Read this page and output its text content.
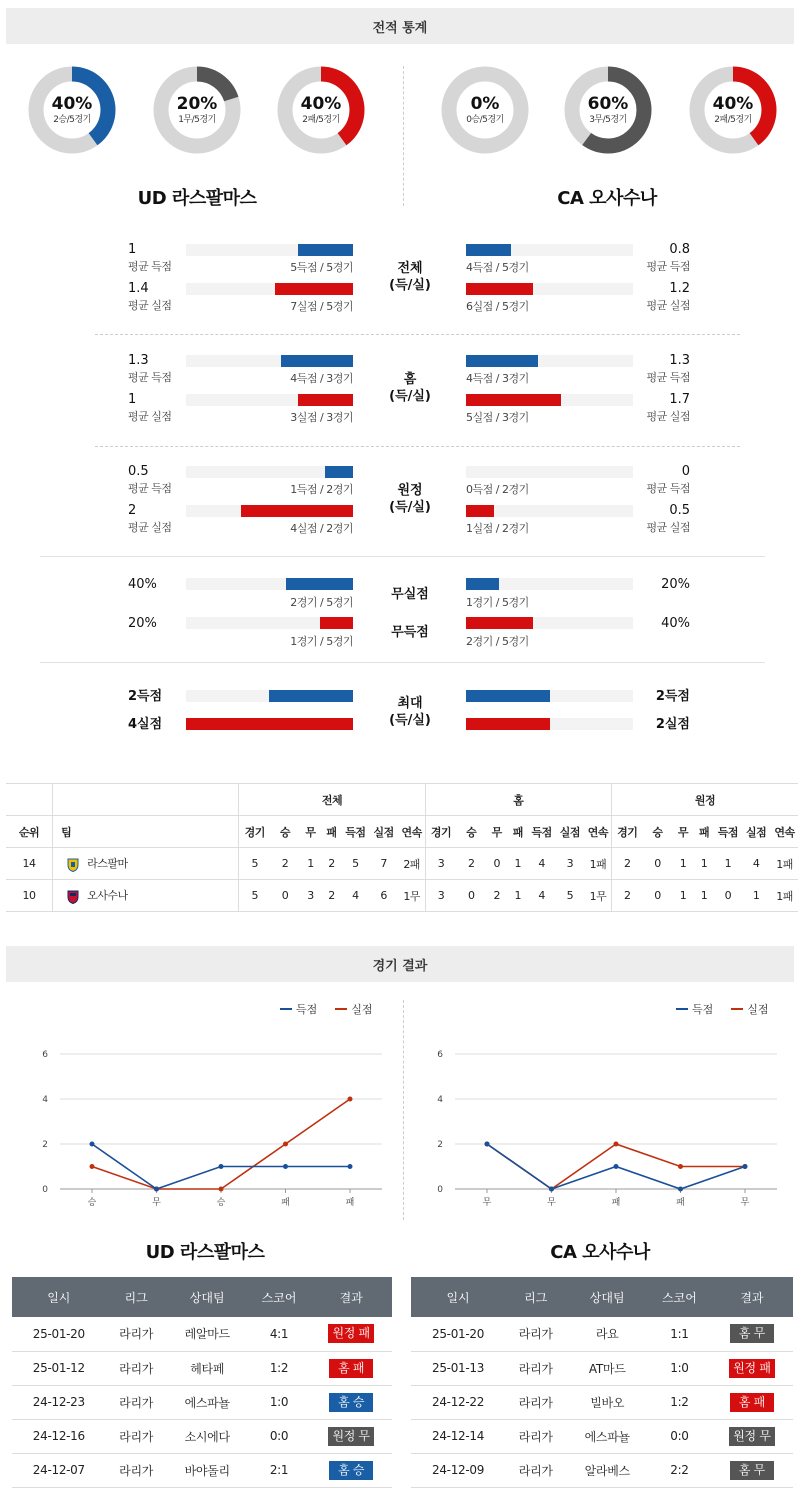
전적 통계
40%
2승/5경기
20%
1무/5경기
40%
2패/5경기
0%
0승/5경기
60%
3무/5경기
40%
2패/5경기
UD 라스팔마스	CA 오사수나
1
평균 득점	5득점 / 5경기
1.4
평균 실점	7실점 / 5경기
전체
(득/실)
4득점 / 5경기
0.8
평균 득점
6실점 / 5경기
1.2
평균 실점
1.3
평균 득점	4득점 / 3경기
1
평균 실점	3실점 / 3경기
홈
(득/실)
4득점 / 3경기
1.3
평균 득점
5실점 / 3경기
1.7
평균 실점
0.5
평균 득점	1득점 / 2경기
2
평균 실점	4실점 / 2경기
원정
(득/실)
0득점 / 2경기
0
평균 득점
1실점 / 2경기
0.5
평균 실점
40%
2경기 / 5경기
무실점
1경기 / 5경기
20%
20%
1경기 / 5경기
무득점
2경기 / 5경기
40%
2득점
4실점
최대
(득/실)
2득점
2실점
		전체							홈							원정						
순위	팀	경기	승	무	패	득점	실점	연속	경기	승	무	패	득점	실점	연속	경기	승	무	패	득점	실점	연속
14	라스팔마	5	2	1	2	5	7	2패	3	2	0	1	4	3	1패	2	0	1	1	1	4	1패
10	오사수나	5	0	3	2	4	6	1무	3	0	2	1	4	5	1무	2	0	1	1	0	1	1패
경기 결과
득점	실점	득점	실점
0
2
4
6
승	무	승	패	패
0
2
4
6
무	무	패	패	무
UD 라스팔마스	CA 오사수나
일시	리그	상대팀	스코어	결과
25-01-20	라리가	레알마드	4:1	원정 패
25-01-12	라리가	헤타페	1:2	홈 패
24-12-23	라리가	에스파뇰	1:0	홈 승
24-12-16	라리가	소시에다	0:0	원정 무
24-12-07	라리가	바야돌리	2:1	홈 승
일시	리그	상대팀	스코어	결과
25-01-20	라리가	라요	1:1	홈 무
25-01-13	라리가	AT마드	1:0	원정 패
24-12-22	라리가	빌바오	1:2	홈 패
24-12-14	라리가	에스파뇰	0:0	원정 무
24-12-09	라리가	알라베스	2:2	홈 무
